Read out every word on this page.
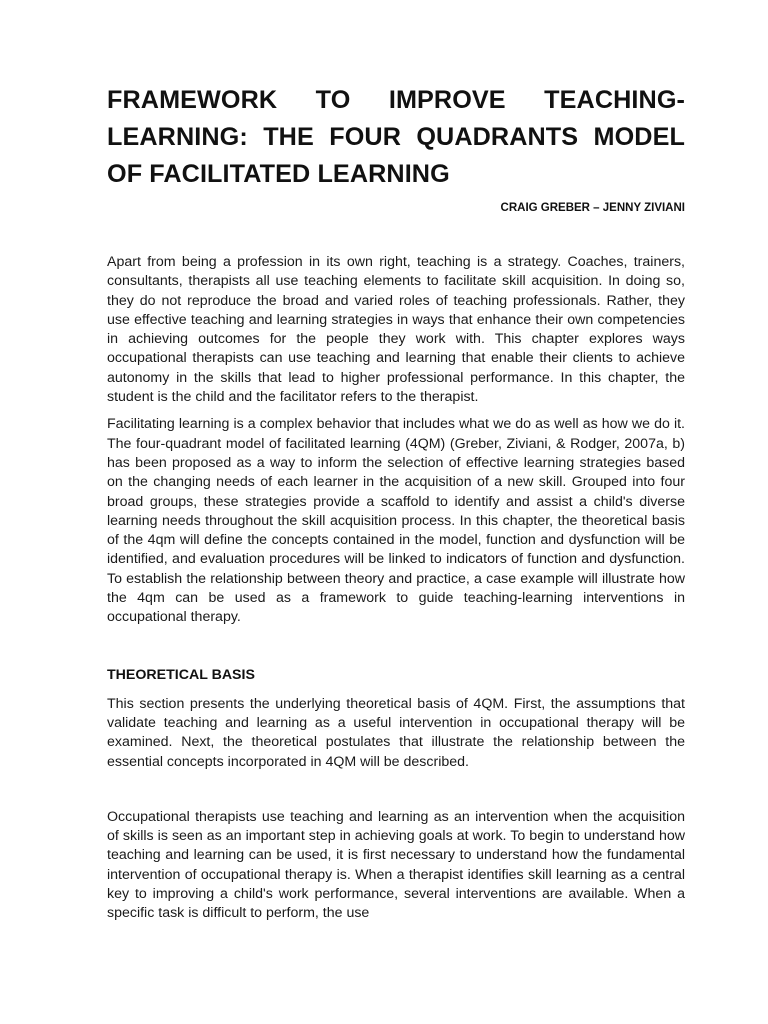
FRAMEWORK TO IMPROVE TEACHING-LEARNING: THE FOUR QUADRANTS MODEL OF FACILITATED LEARNING
CRAIG GREBER – JENNY ZIVIANI

Apart from being a profession in its own right, teaching is a strategy. Coaches, trainers, consultants, therapists all use teaching elements to facilitate skill acquisition. In doing so, they do not reproduce the broad and varied roles of teaching professionals. Rather, they use effective teaching and learning strategies in ways that enhance their own competencies in achieving outcomes for the people they work with. This chapter explores ways occupational therapists can use teaching and learning that enable their clients to achieve autonomy in the skills that lead to higher professional performance. In this chapter, the student is the child and the facilitator refers to the therapist.

Facilitating learning is a complex behavior that includes what we do as well as how we do it. The four-quadrant model of facilitated learning (4QM) (Greber, Ziviani, & Rodger, 2007a, b) has been proposed as a way to inform the selection of effective learning strategies based on the changing needs of each learner in the acquisition of a new skill. Grouped into four broad groups, these strategies provide a scaffold to identify and assist a child's diverse learning needs throughout the skill acquisition process. In this chapter, the theoretical basis of the 4qm will define the concepts contained in the model, function and dysfunction will be identified, and evaluation procedures will be linked to indicators of function and dysfunction. To establish the relationship between theory and practice, a case example will illustrate how the 4qm can be used as a framework to guide teaching-learning interventions in occupational therapy.

THEORETICAL BASIS

This section presents the underlying theoretical basis of 4QM. First, the assumptions that validate teaching and learning as a useful intervention in occupational therapy will be examined. Next, the theoretical postulates that illustrate the relationship between the essential concepts incorporated in 4QM will be described.

Occupational therapists use teaching and learning as an intervention when the acquisition of skills is seen as an important step in achieving goals at work. To begin to understand how teaching and learning can be used, it is first necessary to understand how the fundamental intervention of occupational therapy is. When a therapist identifies skill learning as a central key to improving a child's work performance, several interventions are available. When a specific task is difficult to perform, the use
